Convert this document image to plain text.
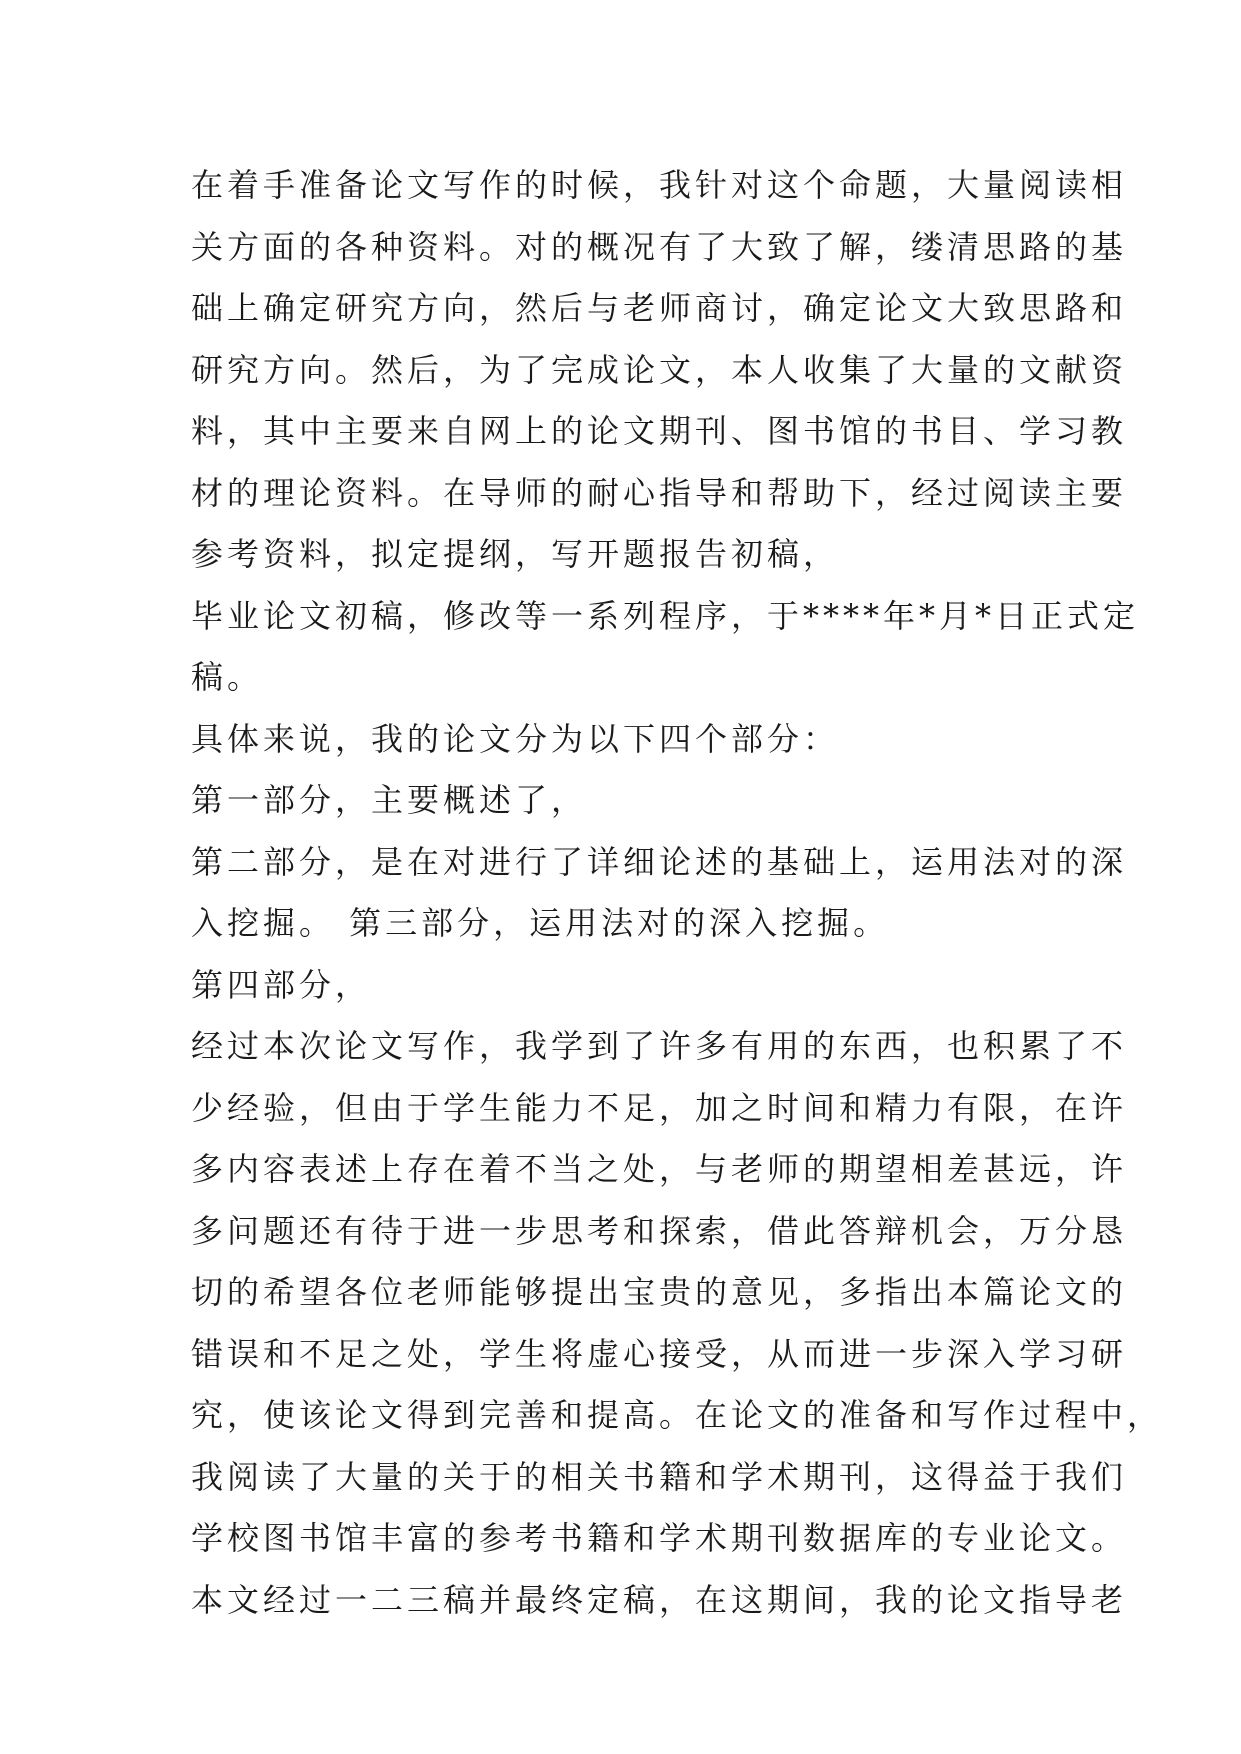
在着手准备论文写作的时候，我针对这个命题，大量阅读相
关方面的各种资料。对的概况有了大致了解，缕清思路的基
础上确定研究方向，然后与老师商讨，确定论文大致思路和
研究方向。然后，为了完成论文，本人收集了大量的文献资
料，其中主要来自网上的论文期刊、图书馆的书目、学习教
材的理论资料。在导师的耐心指导和帮助下，经过阅读主要
参考资料，拟定提纲，写开题报告初稿，
毕业论文初稿，修改等一系列程序，于****年*月*日正式定
稿。
具体来说，我的论文分为以下四个部分：
第一部分，主要概述了，
第二部分，是在对进行了详细论述的基础上，运用法对的深
入挖掘。 第三部分，运用法对的深入挖掘。
第四部分，
经过本次论文写作，我学到了许多有用的东西，也积累了不
少经验，但由于学生能力不足，加之时间和精力有限，在许
多内容表述上存在着不当之处，与老师的期望相差甚远，许
多问题还有待于进一步思考和探索，借此答辩机会，万分恳
切的希望各位老师能够提出宝贵的意见，多指出本篇论文的
错误和不足之处，学生将虚心接受，从而进一步深入学习研
究，使该论文得到完善和提高。在论文的准备和写作过程中，
我阅读了大量的关于的相关书籍和学术期刊，这得益于我们
学校图书馆丰富的参考书籍和学术期刊数据库的专业论文。
本文经过一二三稿并最终定稿，在这期间，我的论文指导老
